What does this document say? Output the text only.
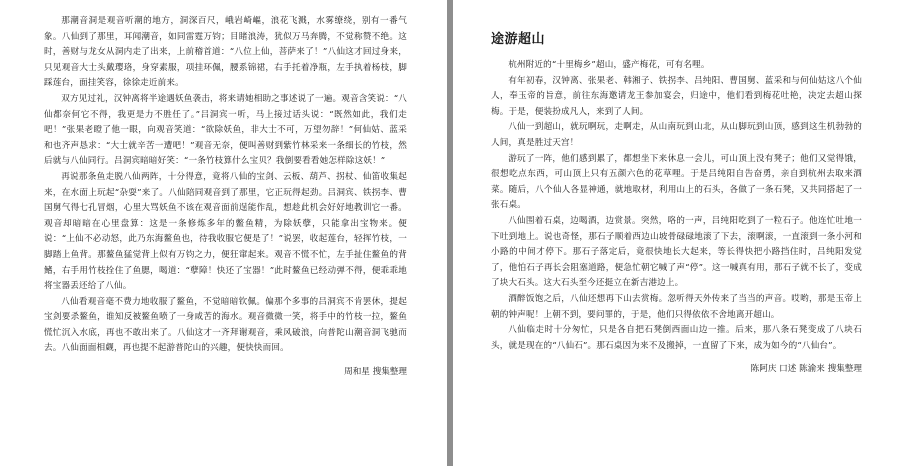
那潮音洞是观音听潮的地方，洞深百尺，峨岩崎嶇，浪花飞溅，水雾缭绕，别有一番气象。八仙到了那里，耳闻潮音，如同雷霆万钧；目睹浪涛，犹似万马奔腾，不觉称赞不绝。这时，善财与龙女从洞内走了出来，上前稽首道：“八位上仙，菩萨来了！”八仙这才回过身来，只见观音大士头戴璎珞，身穿素服，项挂环佩，腰系锦裙，右手托着净瓶，左手执着杨枝，脚踩莲台，面挂笑容，徐徐走近前来。

双方见过礼，汉钟离将半途遇妖鱼袭击，将来请她相助之事述说了一遍。观音含笑说：“八仙都奈何它不得，我更是力不胜任了。”吕洞宾一听，马上接过话头说：“既然如此，我们走吧！”张果老瞪了他一眼，向观音笑道：“欲除妖鱼，非大士不可，万望勿辞！”何仙姑、蓝采和也齐声恳求：“大士就辛苦一遭吧！”观音无奈，便叫善财到紫竹林采来一条细长的竹枝，然后就与八仙同行。吕洞宾暗暗好笑：“一条竹枝算什么宝贝？我倒要看看她怎样除这妖！”

再说那条鱼走脱八仙两阵，十分得意，竟将八仙的宝剑、云板、葫芦、拐杖、仙笛收集起来，在水面上玩起“杂耍”来了。八仙陪同观音到了那里，它正玩得起劲。吕洞宾、铁拐李、曹国舅气得七孔冒烟，心里大骂妖鱼不该在观音面前逞能作乱，想趁此机会好好地教训它一番。观音却暗暗在心里盘算：这是一条修炼多年的鳖鱼精，为除妖孽，只能拿出宝物来。便说：“上仙不必动怒，此乃东海鳌鱼也，待我收服它便是了！”说罢，收起莲台，轻挥竹枝，一脚踏上鱼背。那鳌鱼猛觉背上似有万钧之力，便狂窜起来。观音不慌不忙，左手扯住鳌鱼的背鳍，右手用竹枝拴住了鱼腮，喝道：“孽障！快还了宝器！”此时鳌鱼已经动弹不得，便乖乖地将宝器丢还给了八仙。

八仙看观音毫不费力地收服了鳌鱼，不觉暗暗钦佩。偏那个多事的吕洞宾不肯罢休，提起宝剑要杀鳌鱼，谁知反被鳌鱼喷了一身咸苦的海水。观音微微一笑，将手中的竹枝一拉，鳌鱼慌忙沉入水底，再也不敢出来了。八仙这才一齐拜谢观音，乘风破浪，向普陀山潮音洞飞驰而去。八仙面面相觑，再也提不起游普陀山的兴趣，便快快而回。

周和星 搜集整理
途游超山

杭州附近的“十里梅乡”超山，盛产梅花，可有名哩。

有年初春，汉钟离、张果老、韩湘子、铁拐李、吕纯阳、曹国舅、蓝采和与何仙姑这八个仙人，奉玉帝的旨意，前往东海邀请龙王参加宴会，归途中，他们看到梅花吐艳，决定去超山探梅。于是，便装扮成凡人，来到了人间。

八仙一到超山，就玩啊玩，走啊走，从山南玩到山北，从山脚玩到山顶，感到这生机勃勃的人间，真是胜过天宫！

游玩了一阵，他们感到累了，都想坐下来休息一会儿，可山顶上没有凳子；他们又觉得饿，很想吃点东西，可山顶上只有五颜六色的花草哩。于是吕纯阳自告奋勇，亲自到杭州去取来酒菜。随后，八个仙人各显神通，就地取材，利用山上的石头，各做了一条石凳，又共同搭起了一张石桌。

八仙围着石桌，边喝酒，边赏景。突然，咯的一声，吕纯阳吃到了一粒石子。他连忙吐地一下吐到地上。说也奇怪，那石子顺着西边山坡骨碌碌地滚了下去，滚啊滚，一直滚到一条小河和小路的中间才停下。那石子落定后，竟很快地长大起来，等长得快把小路挡住时，吕纯阳发觉了，他怕石子再长会阻塞道路，便急忙朝它喊了声“停”。这一喊真有用，那石子就不长了，变成了块大石头。这大石头至今还挺立在新吉港边上。

酒醉饭饱之后，八仙还想再下山去赏梅。忽听得天外传来了当当的声音。哎哟，那是玉帝上朝的钟声呢！上朝不到，要问罪的，于是，他们只得依依不舍地离开超山。

八仙临走时十分匆忙，只是各自把石凳倒西面山边一推。后来，那八条石凳变成了八块石头，就是现在的“八仙石”。那石桌因为来不及搬掉，一直留了下来，成为如今的“八仙台”。

陈阿庆 口述 陈渝来 搜集整理
